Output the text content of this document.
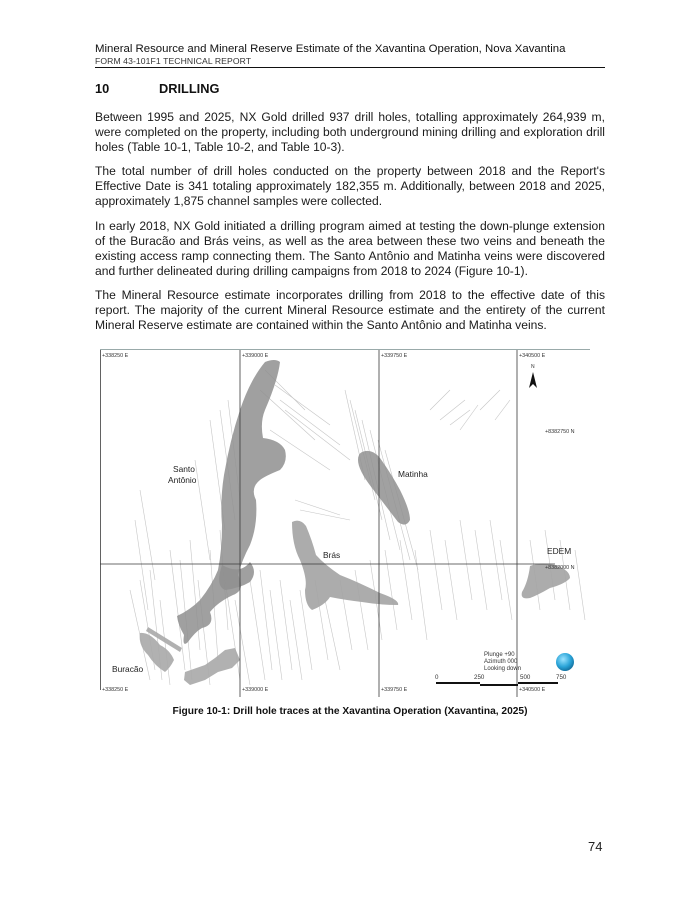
Mineral Resource and Mineral Reserve Estimate of the Xavantina Operation, Nova Xavantina
FORM 43-101F1 TECHNICAL REPORT
10	DRILLING
Between 1995 and 2025, NX Gold drilled 937 drill holes, totalling approximately 264,939 m, were completed on the property, including both underground mining drilling and exploration drill holes (Table 10-1, Table 10-2, and Table 10-3).
The total number of drill holes conducted on the property between 2018 and the Report's Effective Date is 341 totaling approximately 182,355 m. Additionally, between 2018 and 2025, approximately 1,875 channel samples were collected.
In early 2018, NX Gold initiated a drilling program aimed at testing the down-plunge extension of the Buracão and Brás veins, as well as the area between these two veins and beneath the existing access ramp connecting them. The Santo Antônio and Matinha veins were discovered and further delineated during drilling campaigns from 2018 to 2024 (Figure 10-1).
The Mineral Resource estimate incorporates drilling from 2018 to the effective date of this report. The majority of the current Mineral Resource estimate and the entirety of the current Mineral Reserve estimate are contained within the Santo Antônio and Matinha veins.
+338250 E	+339000 E	+339750 E	+340500 E
+338250 E	+339000 E	+339750 E	+340500 E
+8382750 N
+8382000 N
N
Santo
Antônio
Matinha
Brás	EDEM
Buracão
Plunge +90
Azimuth 000
Looking down
0	250	500	750
Figure 10-1: Drill hole traces at the Xavantina Operation (Xavantina, 2025)
74
